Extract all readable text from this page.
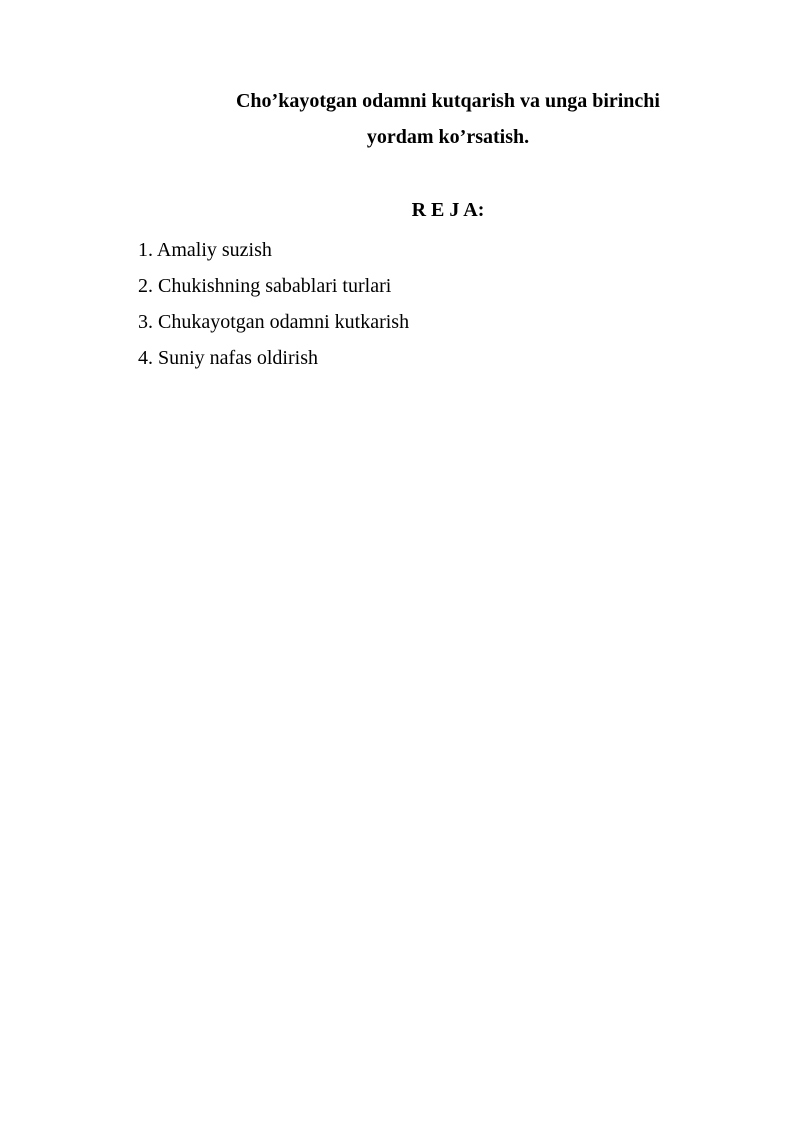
Cho’kayotgan odamni kutqarish va unga birinchi
yordam ko’rsatish.
R E J A:
1. Amaliy suzish
2. Chukishning sabablari turlari
3. Chukayotgan odamni kutkarish
4. Suniy nafas oldirish
